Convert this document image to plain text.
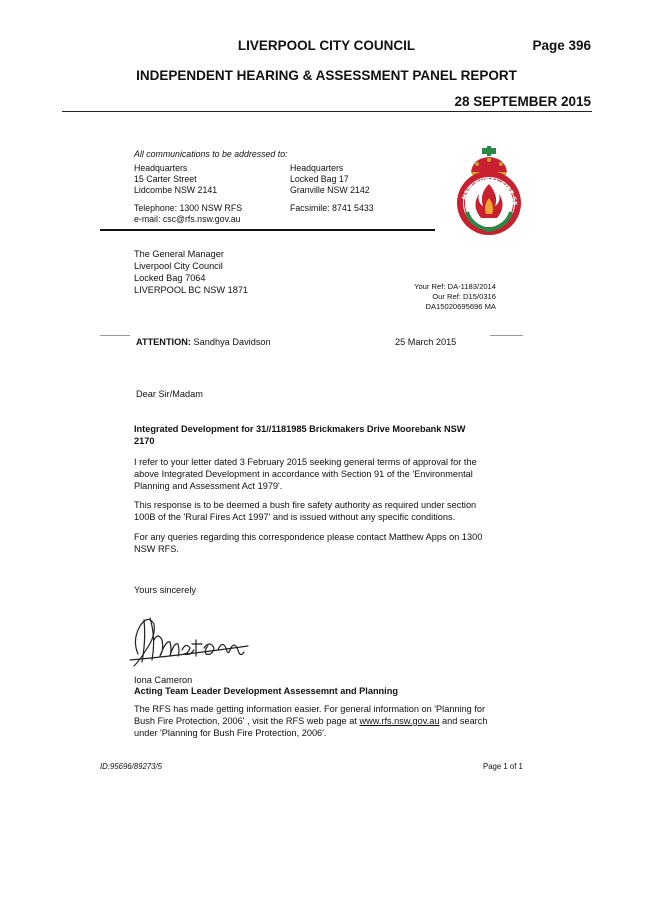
LIVERPOOL CITY COUNCIL	Page 396
INDEPENDENT HEARING & ASSESSMENT PANEL REPORT
28 SEPTEMBER 2015
All communications to be addressed to:
Headquarters
15 Carter Street
Lidcombe NSW 2141
Headquarters
Locked Bag 17
Granville NSW 2142
Telephone: 1300 NSW RFS
e-mail: csc@rfs.nsw.gov.au
Facsimile: 8741 5433
NSW RURAL FIRE SE
The General Manager
Liverpool City Council
Locked Bag 7064
LIVERPOOL BC NSW 1871	Your Ref: DA-1183/2014
Our Ref: D15/0316
DA15020695696 MA
ATTENTION: Sandhya Davidson	25 March 2015
Dear Sir/Madam
Integrated Development for 31//1181985 Brickmakers Drive Moorebank NSW 2170
I refer to your letter dated 3 February 2015 seeking general terms of approval for the above Integrated Development in accordance with Section 91 of the 'Environmental Planning and Assessment Act 1979'.
This response is to be deemed a bush fire safety authority as required under section 100B of the 'Rural Fires Act 1997' and is issued without any specific conditions.
For any queries regarding this correspondence please contact Matthew Apps on 1300 NSW RFS.
Yours sincerely
Iona Cameron
Acting Team Leader Development Assessemnt and Planning
The RFS has made getting information easier. For general information on 'Planning for Bush Fire Protection, 2006' , visit the RFS web page at www.rfs.nsw.gov.au and search under 'Planning for Bush Fire Protection, 2006'.
ID:95696/89273/5	Page 1 of 1
